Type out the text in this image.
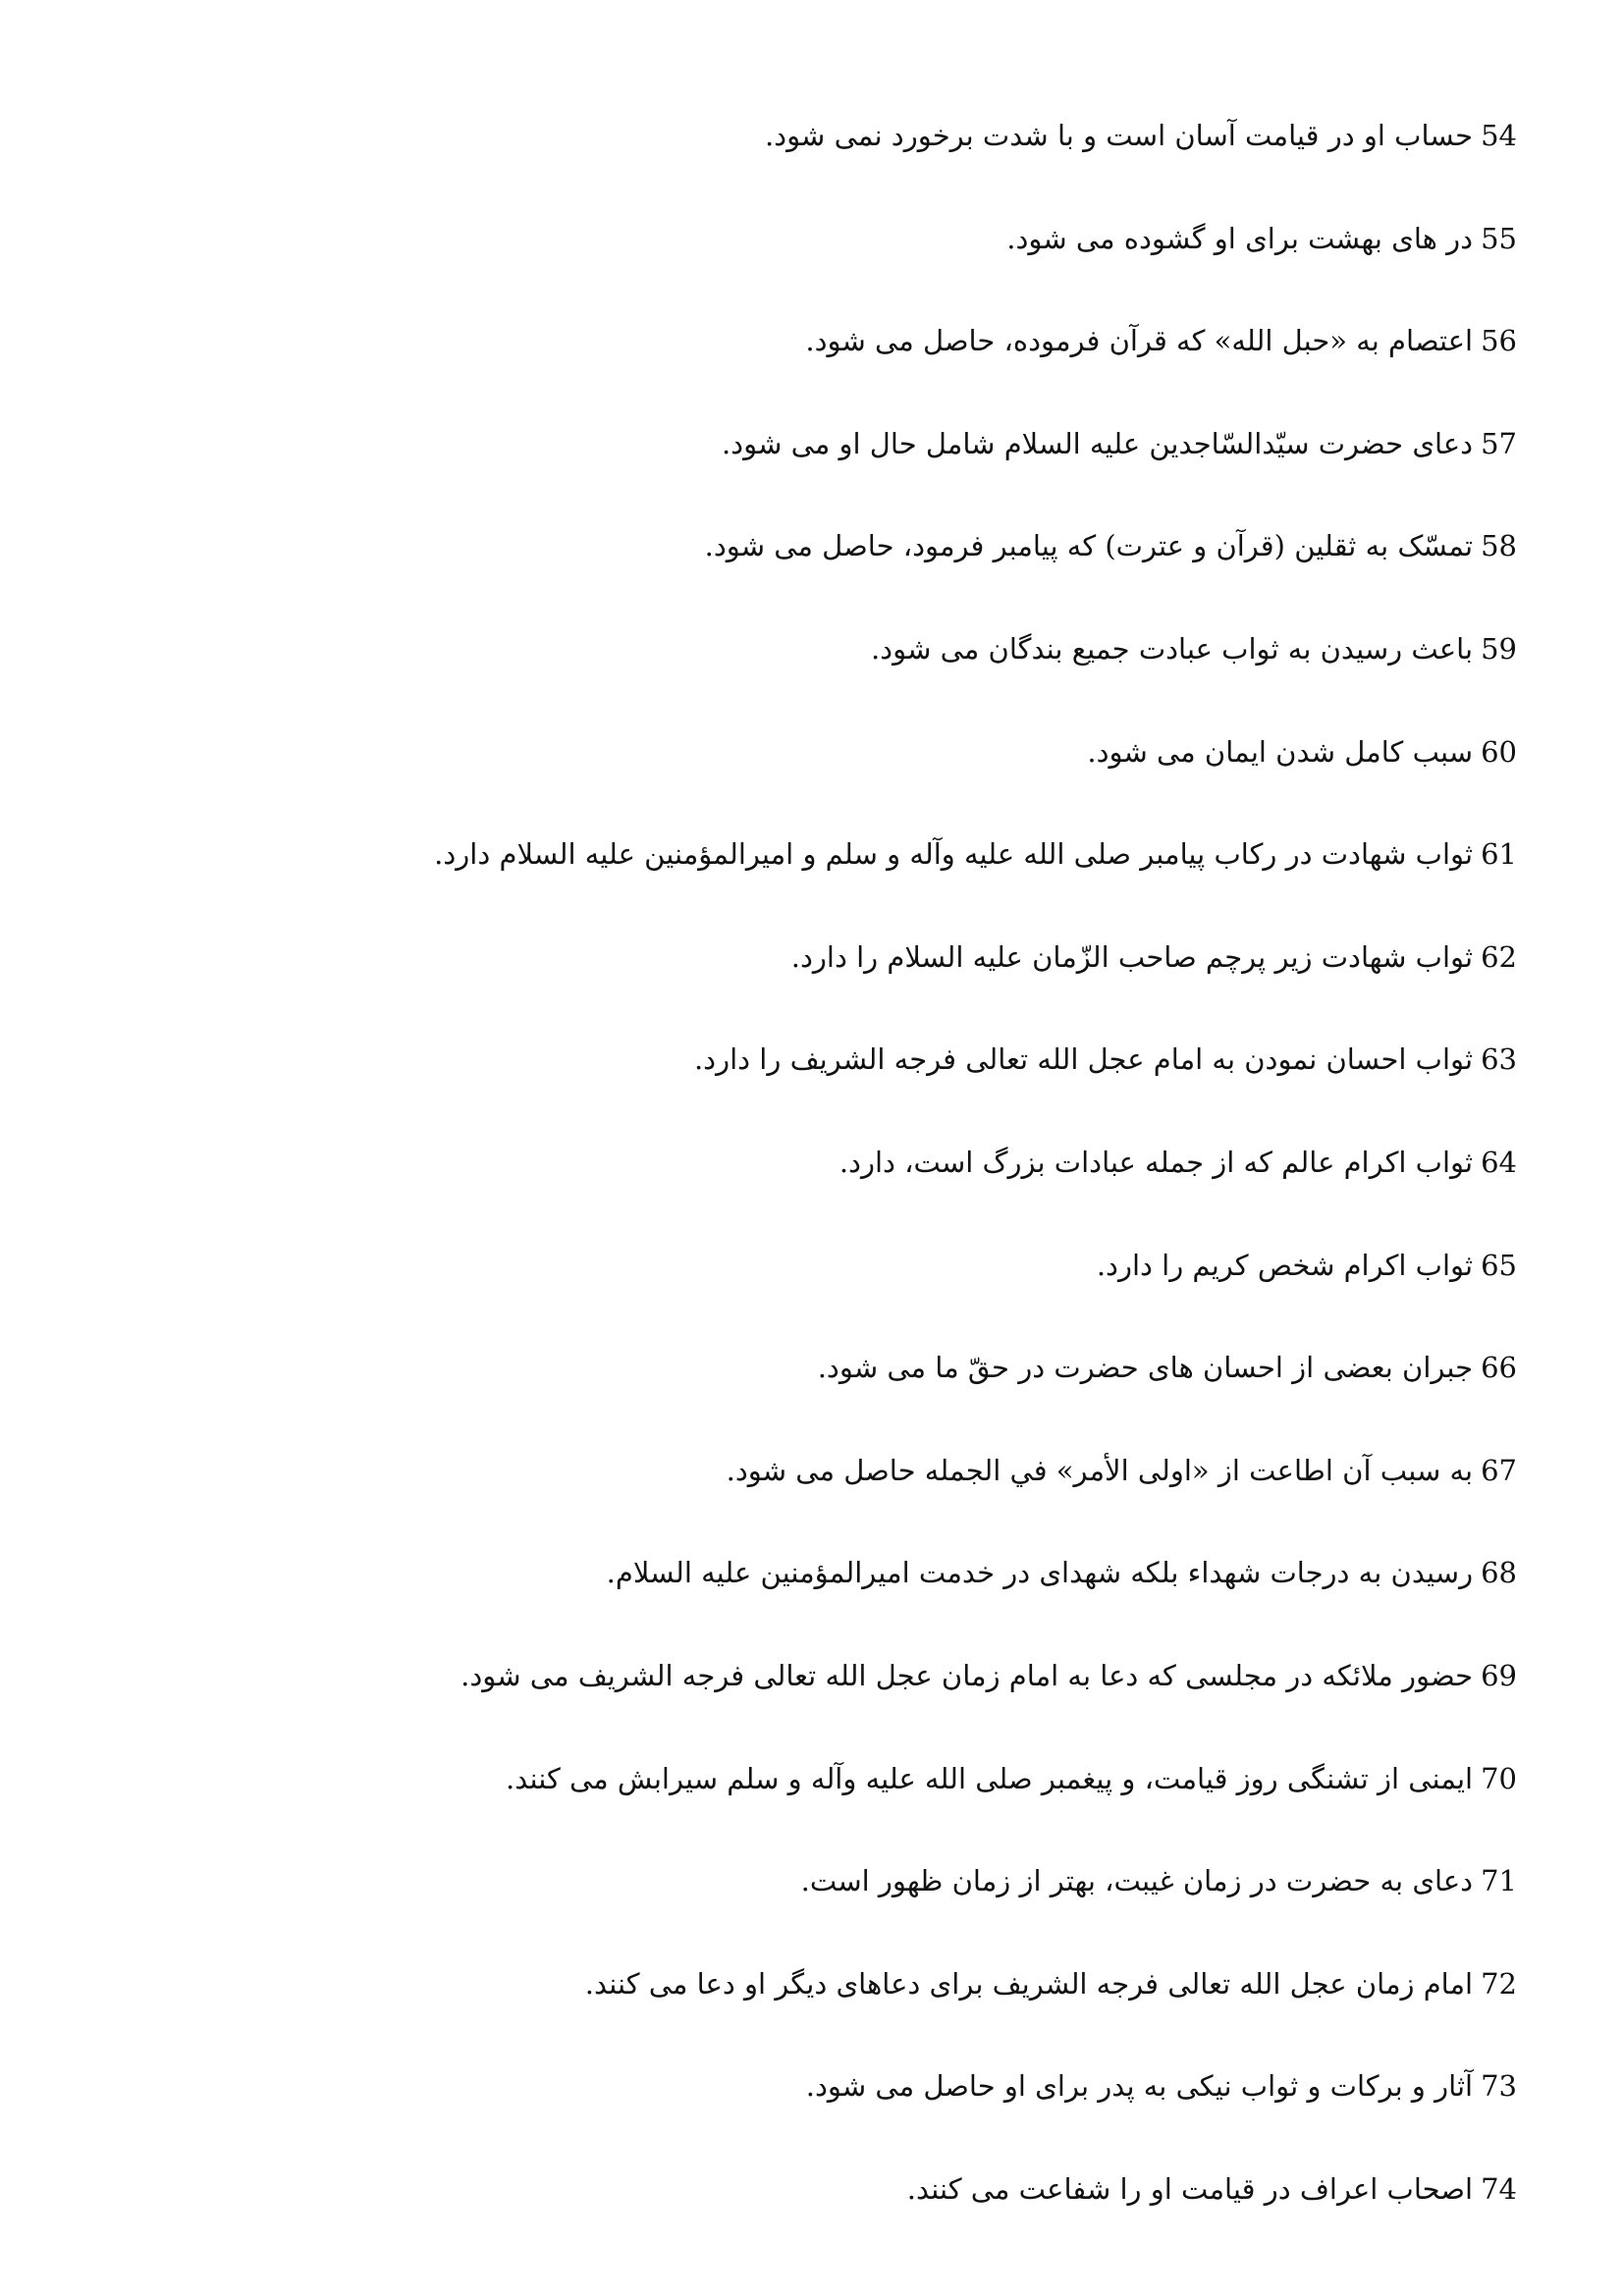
54حساب او در قیامت آسان است و با شدت برخورد نمی شود.
55در های بهشت برای او گشوده می شود.
56اعتصام به «حبل الله» که قرآن فرموده، حاصل می شود.
57دعای حضرت سیّدالسّاجدین علیه السلام شامل حال او می شود.
58تمسّک به ثقلین (قرآن و عترت) که پیامبر فرمود، حاصل می شود.
59باعث رسیدن به ثواب عبادت جمیع بندگان می شود.
60سبب کامل شدن ایمان می شود.
61ثواب شهادت در رکاب پیامبر صلی الله علیه وآله و سلم و امیرالمؤمنین علیه السلام دارد.
62ثواب شهادت زیر پرچم صاحب الزّمان علیه السلام را دارد.
63ثواب احسان نمودن به امام عجل الله تعالی فرجه الشریف را دارد.
64ثواب اکرام عالم که از جمله عبادات بزرگ است، دارد.
65ثواب اکرام شخص کریم را دارد.
66جبران بعضی از احسان های حضرت در حقّ ما می شود.
67به سبب آن اطاعت از «اولی الأمر» في الجمله حاصل می شود.
68رسیدن به درجات شهداء بلکه شهدای در خدمت امیرالمؤمنین علیه السلام.
69حضور ملائکه در مجلسی که دعا به امام زمان عجل الله تعالی فرجه الشریف می شود.
70ایمنی از تشنگی روز قیامت، و پیغمبر صلی الله علیه وآله و سلم سیرابش می کنند.
71دعای به حضرت در زمان غیبت، بهتر از زمان ظهور است.
72امام زمان عجل الله تعالی فرجه الشریف برای دعاهای دیگر او دعا می کنند.
73آثار و برکات و ثواب نیکی به پدر برای او حاصل می شود.
74اصحاب اعراف در قیامت او را شفاعت می کنند.
